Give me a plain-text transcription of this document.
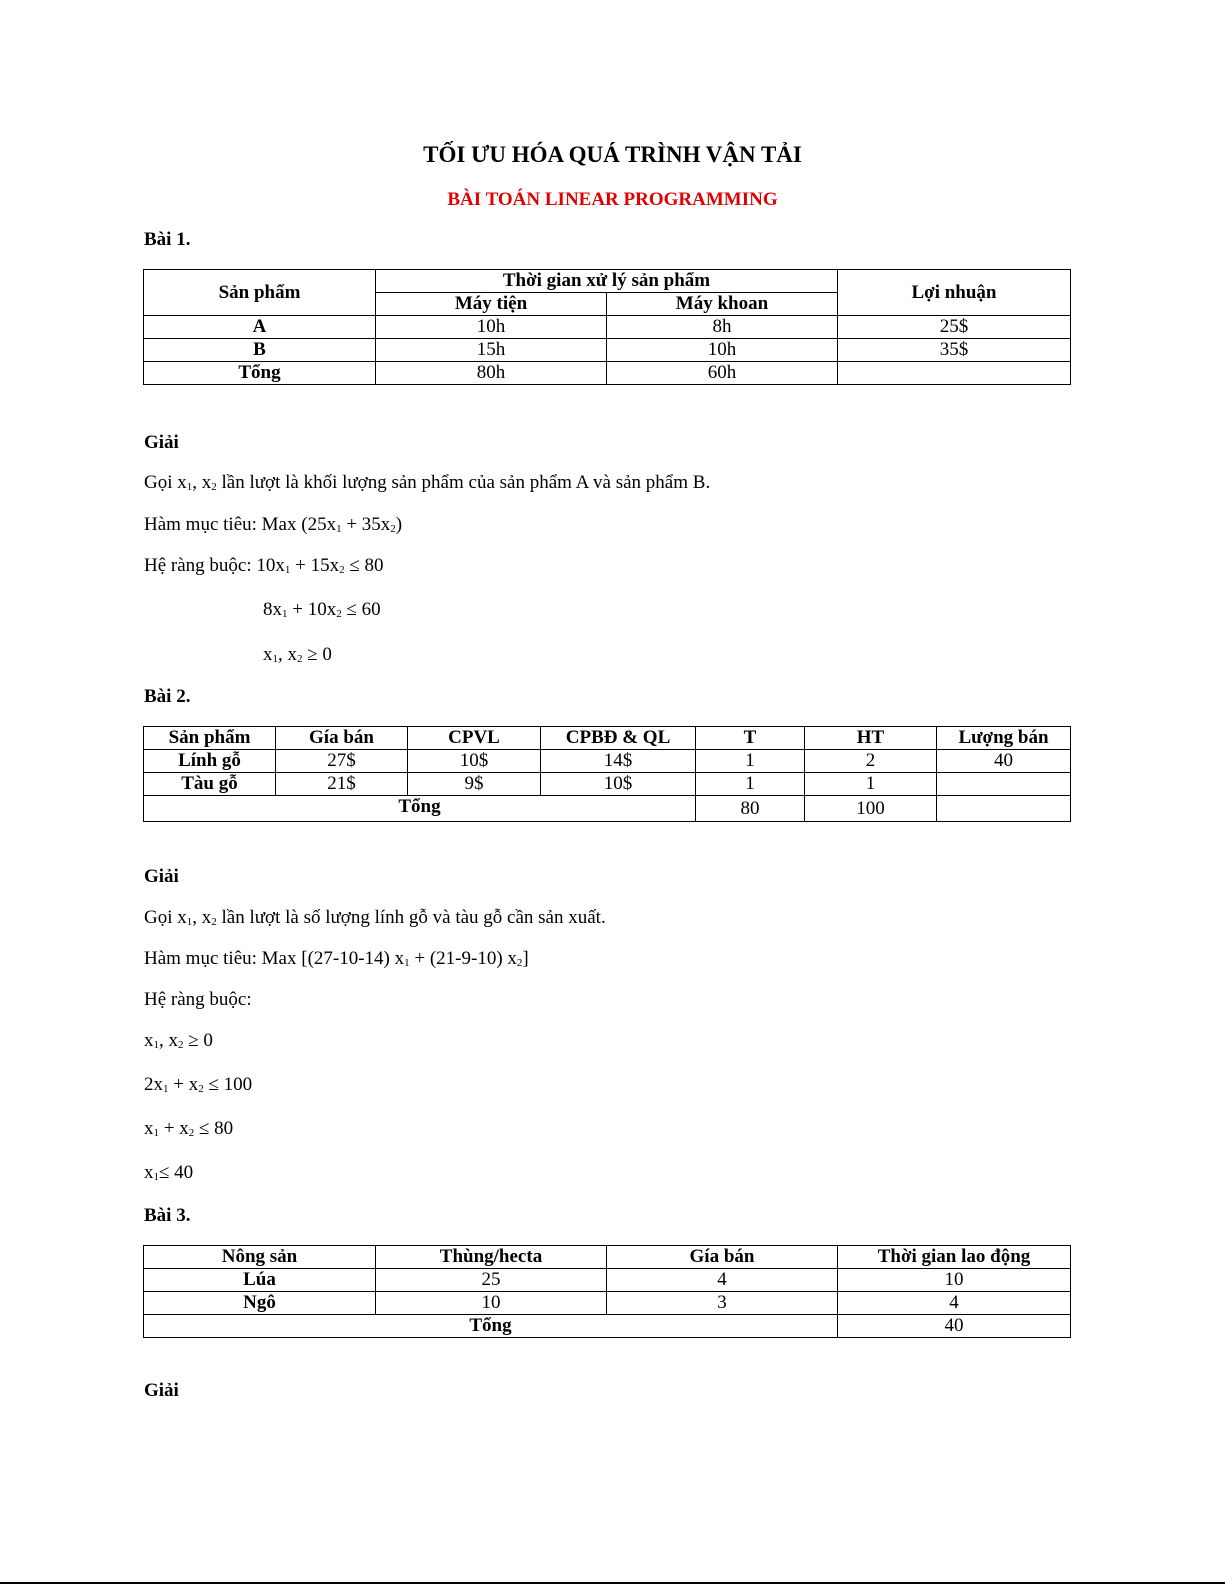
TỐI ƯU HÓA QUÁ TRÌNH VẬN TẢI
BÀI TOÁN LINEAR PROGRAMMING
Bài 1.
Sản phẩm	Thời gian xử lý sản phẩm		Lợi nhuận
	Máy tiện	Máy khoan	
A	10h	8h	25$
B	15h	10h	35$
Tổng	80h	60h	
Giải
Gọi $x_1$, $x_2$ lần lượt là khối lượng sản phẩm của sản phẩm A và sản phẩm B.
Hàm mục tiêu: Max $(25x_1 + 35x_2)$
Hệ ràng buộc: $10x_1 + 15x_2 \le 80$
$8x_1 + 10x_2 \le 60$
$x_1$, $x_2 \ge 0$
Bài 2.
Sản phẩm	Gía bán	CPVL	CPBĐ & QL	T	HT	Lượng bán
Lính gỗ	27$	10$	14$	1	2	40
Tàu gỗ	21$	9$	10$	1	1	
Tổng				80	100	
Giải
Gọi $x_1$, $x_2$ lần lượt là số lượng lính gỗ và tàu gỗ cần sản xuất.
Hàm mục tiêu: Max [(27-10-14) $x_1 + (21-9-10)$ $x_2$]
Hệ ràng buộc:
$x_1$, $x_2 \ge 0$
$2x_1 + x_2 \le 100$
$x_1 + x_2 \le 80$
$x_1\le 40$
Bài 3.
Nông sản	Thùng/hecta	Gía bán	Thời gian lao động
Lúa	25	4	10
Ngô	10	3	4
Tổng			40
Giải
